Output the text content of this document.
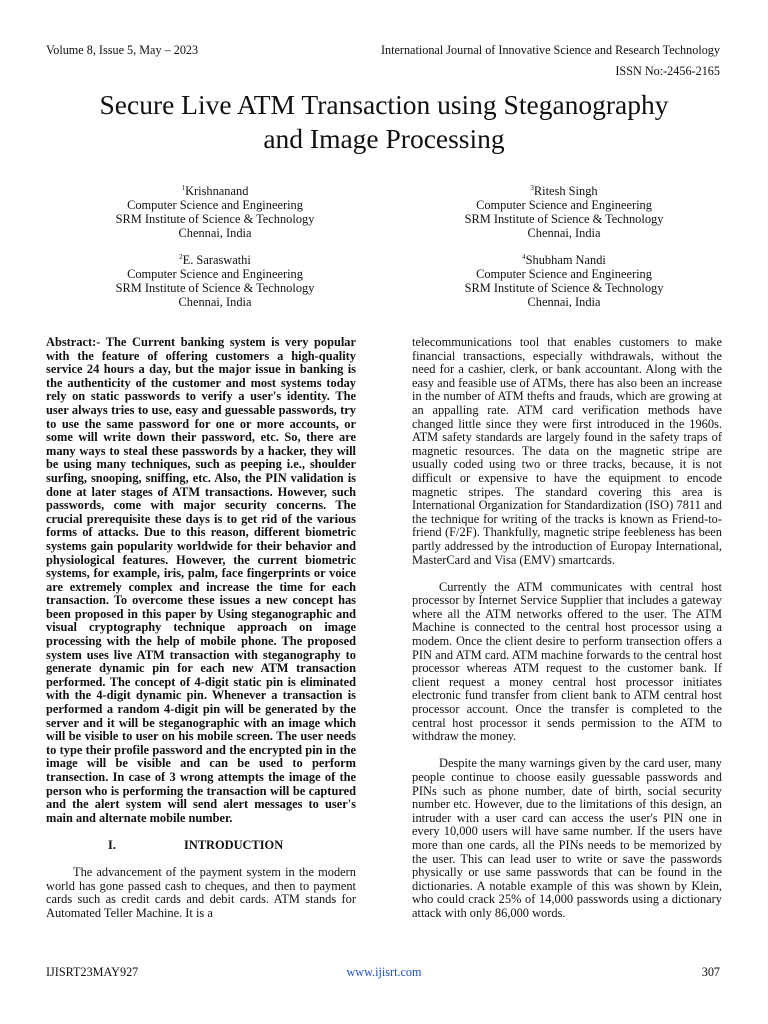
Volume 8, Issue 5, May – 2023	International Journal of Innovative Science and Research Technology
ISSN No:-2456-2165
Secure Live ATM Transaction using Steganography
and Image Processing
$^1$Krishnanand
Computer Science and Engineering
SRM Institute of Science & Technology
Chennai, India
$^3$Ritesh Singh
Computer Science and Engineering
SRM Institute of Science & Technology
Chennai, India
$^2$E. Saraswathi
Computer Science and Engineering
SRM Institute of Science & Technology
Chennai, India
$^4$Shubham Nandi
Computer Science and Engineering
SRM Institute of Science & Technology
Chennai, India

Abstract:- The Current banking system is very popular with the feature of offering customers a high-quality service 24 hours a day, but the major issue in banking is the authenticity of the customer and most systems today rely on static passwords to verify a user's identity. The user always tries to use, easy and guessable passwords, try to use the same password for one or more accounts, or some will write down their password, etc. So, there are many ways to steal these passwords by a hacker, they will be using many techniques, such as peeping i.e., shoulder surfing, snooping, sniffing, etc. Also, the PIN validation is done at later stages of ATM transactions. However, such passwords, come with major security concerns. The crucial prerequisite these days is to get rid of the various forms of attacks. Due to this reason, different biometric systems gain popularity worldwide for their behavior and physiological features. However, the current biometric systems, for example, iris, palm, face fingerprints or voice are extremely complex and increase the time for each transaction. To overcome these issues a new concept has been proposed in this paper by Using steganographic and visual cryptography technique approach on image processing with the help of mobile phone. The proposed system uses live ATM transaction with steganography to generate dynamic pin for each new ATM transaction performed. The concept of 4-digit static pin is eliminated with the 4-digit dynamic pin. Whenever a transaction is performed a random 4-digit pin will be generated by the server and it will be steganographic with an image which will be visible to user on his mobile screen. The user needs to type their profile password and the encrypted pin in the image will be visible and can be used to perform transection. In case of 3 wrong attempts the image of the person who is performing the transaction will be captured and the alert system will send alert messages to user's main and alternate mobile number.

I.	INTRODUCTION

The advancement of the payment system in the modern world has gone passed cash to cheques, and then to payment cards such as credit cards and debit cards. ATM stands for Automated Teller Machine. It is a

telecommunications tool that enables customers to make financial transactions, especially withdrawals, without the need for a cashier, clerk, or bank accountant. Along with the easy and feasible use of ATMs, there has also been an increase in the number of ATM thefts and frauds, which are growing at an appalling rate. ATM card verification methods have changed little since they were first introduced in the 1960s. ATM safety standards are largely found in the safety traps of magnetic resources. The data on the magnetic stripe are usually coded using two or three tracks, because, it is not difficult or expensive to have the equipment to encode magnetic stripes. The standard covering this area is International Organization for Standardization (ISO) 7811 and the technique for writing of the tracks is known as Friend-to-friend (F/2F). Thankfully, magnetic stripe feebleness has been partly addressed by the introduction of Europay International, MasterCard and Visa (EMV) smartcards.

Currently the ATM communicates with central host processor by Internet Service Supplier that includes a gateway where all the ATM networks offered to the user. The ATM Machine is connected to the central host processor using a modem. Once the client desire to perform transection offers a PIN and ATM card. ATM machine forwards to the central host processor whereas ATM request to the customer bank. If client request a money central host processor initiates electronic fund transfer from client bank to ATM central host processor account. Once the transfer is completed to the central host processor it sends permission to the ATM to withdraw the money.

Despite the many warnings given by the card user, many people continue to choose easily guessable passwords and PINs such as phone number, date of birth, social security number etc. However, due to the limitations of this design, an intruder with a user card can access the user's PIN one in every 10,000 users will have same number. If the users have more than one cards, all the PINs needs to be memorized by the user. This can lead user to write or save the passwords physically or use same passwords that can be found in the dictionaries. A notable example of this was shown by Klein, who could crack 25% of 14,000 passwords using a dictionary attack with only 86,000 words.

IJISRT23MAY927	www.ijisrt.com	307
